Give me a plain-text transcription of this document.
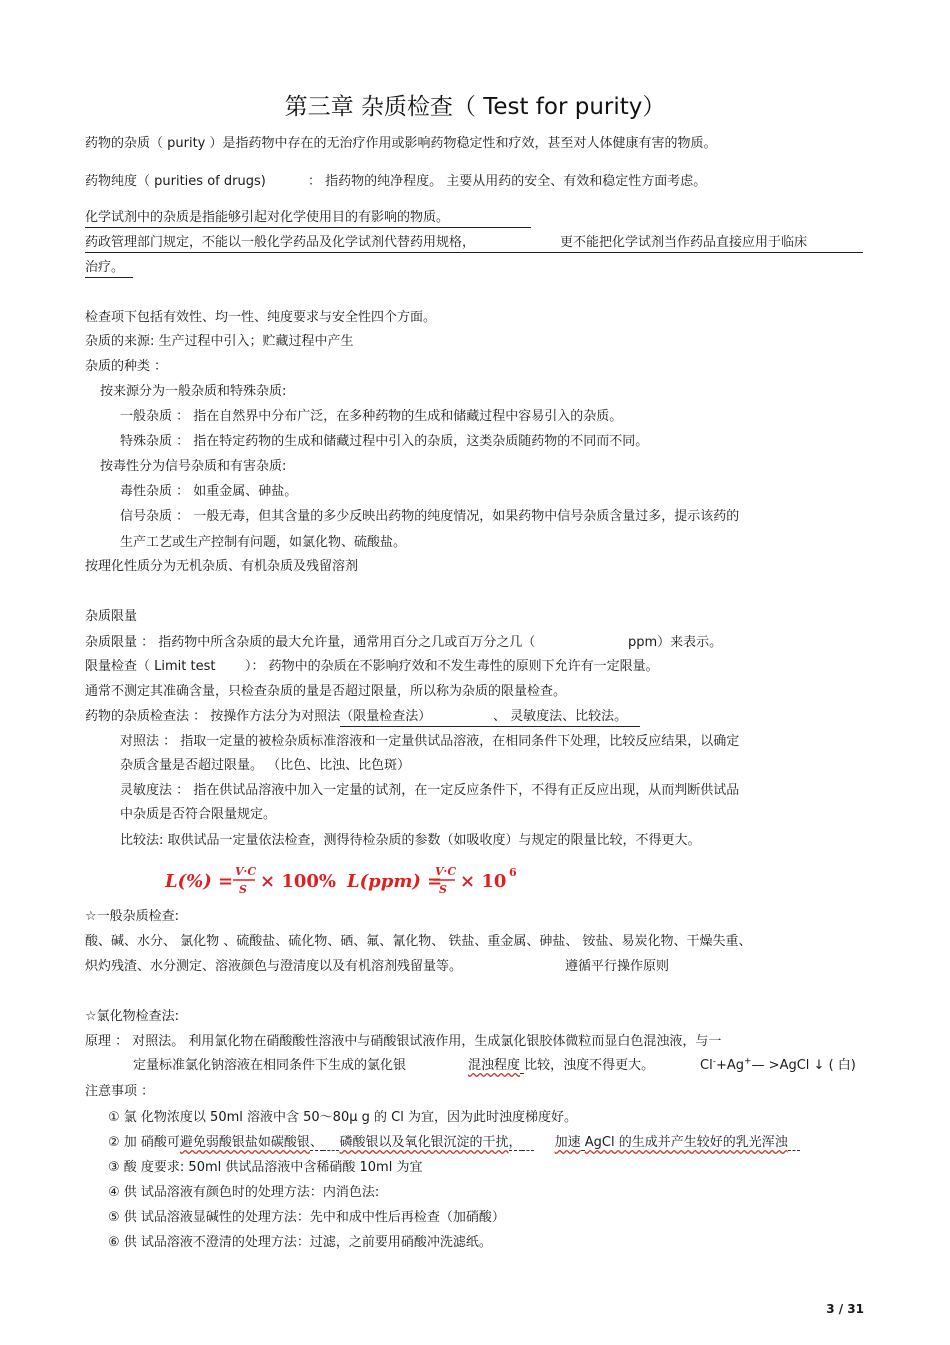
第三章 杂质检查（ Test for purity）
药物的杂质（ purity ）是指药物中存在的无治疗作用或影响药物稳定性和疗效，甚至对人体健康有害的物质。
药物纯度（ purities of drugs)	： 指药物的纯净程度。 主要从用药的安全、有效和稳定性方面考虑。
化学试剂中的杂质是指能够引起对化学使用目的有影响的物质。
药政管理部门规定，不能以一般化学药品及化学试剂代替药用规格，	更不能把化学试剂当作药品直接应用于临床
治疗。
检查项下包括有效性、均一性、纯度要求与安全性四个方面。
杂质的来源: 生产过程中引入；贮藏过程中产生
杂质的种类 ：
按来源分为一般杂质和特殊杂质:
一般杂质 ： 指在自然界中分布广泛，在多种药物的生成和储藏过程中容易引入的杂质。
特殊杂质 ： 指在特定药物的生成和储藏过程中引入的杂质，这类杂质随药物的不同而不同。
按毒性分为信号杂质和有害杂质:
毒性杂质 ： 如重金属、砷盐。
信号杂质 ： 一般无毒，但其含量的多少反映出药物的纯度情况，如果药物中信号杂质含量过多，提示该药的
生产工艺或生产控制有问题，如氯化物、硫酸盐。
按理化性质分为无机杂质、有机杂质及残留溶剂
杂质限量
杂质限量 ： 指药物中所含杂质的最大允许量，通常用百分之几或百万分之几（	ppm）来表示。
限量检查（ Limit test ）： 药物中的杂质在不影响疗效和不发生毒性的原则下允许有一定限量。
通常不测定其准确含量，只检查杂质的量是否超过限量，所以称为杂质的限量检查。
药物的杂质检查法 ： 按操作方法分为对照法（限量检查法）	、 灵敏度法、比较法。
对照法 ： 指取一定量的被检杂质标准溶液和一定量供试品溶液，在相同条件下处理，比较反应结果，以确定
杂质含量是否超过限量。 （比色、比浊、比色斑）
灵敏度法 ： 指在供试品溶液中加入一定量的试剂，在一定反应条件下，不得有正反应出现，从而判断供试品
中杂质是否符合限量规定。
比较法: 取供试品一定量依法检查，测得待检杂质的参数（如吸收度）与规定的限量比较，不得更大。
L(%) = V·C
S × 100% L(ppm) =
V·C
S × 10 6
☆一般杂质检查:
酸、碱、水分、 氯化物 、硫酸盐、硫化物、硒、氟、氰化物、 铁盐、重金属、砷盐、 铵盐、易炭化物、干燥失重、
炽灼残渣、水分测定、溶液颜色与澄清度以及有机溶剂残留量等。	遵循平行操作原则
☆氯化物检查法:
原理 ： 对照法。 利用氯化物在硝酸酸性溶液中与硝酸银试液作用，生成氯化银胶体微粒而显白色混浊液，与一
定量标准氯化钠溶液在相同条件下生成的氯化银	混浊程度 比较，浊度不得更大。	Cl-+Ag+— >AgCl ↓ ( 白)
注意事项 ：
① 氯 化物浓度以 50ml 溶液中含 50～80μ g 的 Cl 为宜，因为此时浊度梯度好。
② 加 硝酸可避免弱酸银盐如碳酸银、 磷酸银以及氧化银沉淀的干扰，	加速 AgCl 的生成并产生较好的乳光浑浊
③ 酸 度要求: 50ml 供试品溶液中含稀硝酸 10ml 为宜
④ 供 试品溶液有颜色时的处理方法：内消色法:
⑤ 供 试品溶液显碱性的处理方法：先中和成中性后再检查（加硝酸）
⑥ 供 试品溶液不澄清的处理方法：过滤，之前要用硝酸冲洗滤纸。
3 / 31
